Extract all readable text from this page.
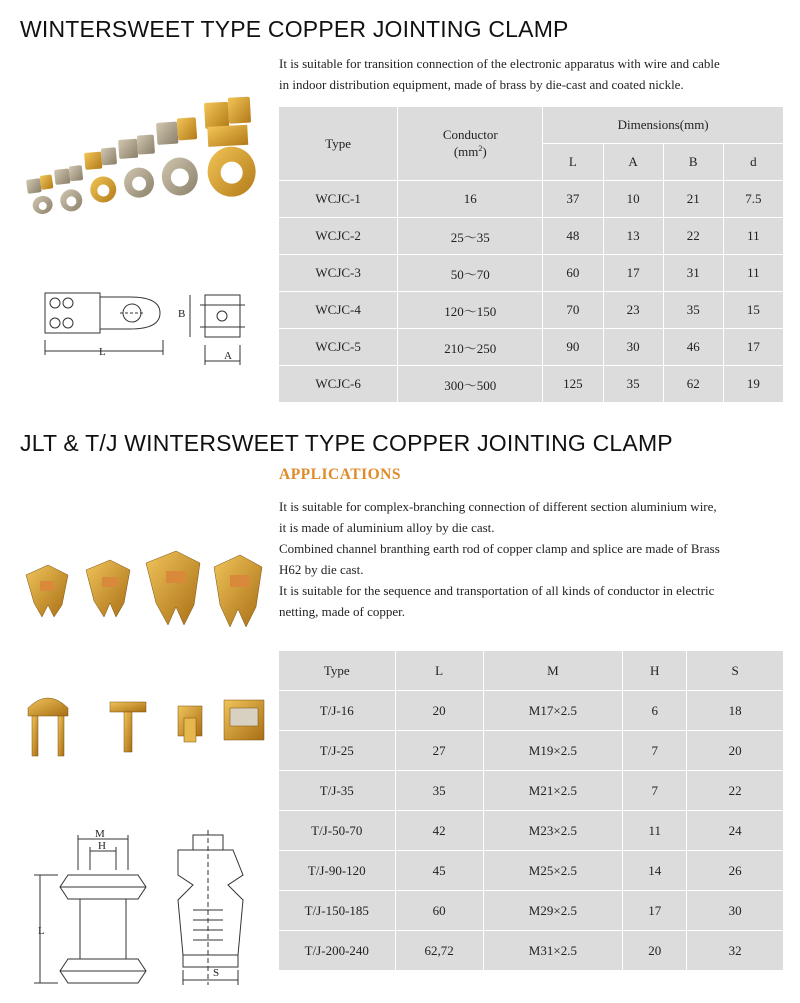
WINTERSWEET TYPE COPPER JOINTING CLAMP
It is suitable for transition connection of the electronic apparatus with wire and cable
in indoor distribution equipment, made of brass by die-cast and coated nickle.
L	A
B
Type	Conductor
$(mm^2)$	Dimensions(mm)			
		L	A	B	d
WCJC-1	16	37	10	21	7.5
WCJC-2	25～35	48	13	22	11
WCJC-3	50～70	60	17	31	11
WCJC-4	120～150	70	23	35	15
WCJC-5	210～250	90	30	46	17
WCJC-6	300～500	125	35	62	19
JLT & T/J WINTERSWEET TYPE COPPER JOINTING CLAMP
APPLICATIONS
It is suitable for complex-branching connection of different section aluminium wire,
it is made of aluminium alloy by die cast.
Combined channel branthing earth rod of copper clamp and splice are made of Brass
H62 by die cast.
It is suitable for the sequence and transportation of all kinds of conductor in electric
netting, made of copper.
M
H
L
S
Type	L	M	H	S
T/J-16	20	M17×2.5	6	18
T/J-25	27	M19×2.5	7	20
T/J-35	35	M21×2.5	7	22
T/J-50-70	42	M23×2.5	11	24
T/J-90-120	45	M25×2.5	14	26
T/J-150-185	60	M29×2.5	17	30
T/J-200-240	62,72	M31×2.5	20	32
